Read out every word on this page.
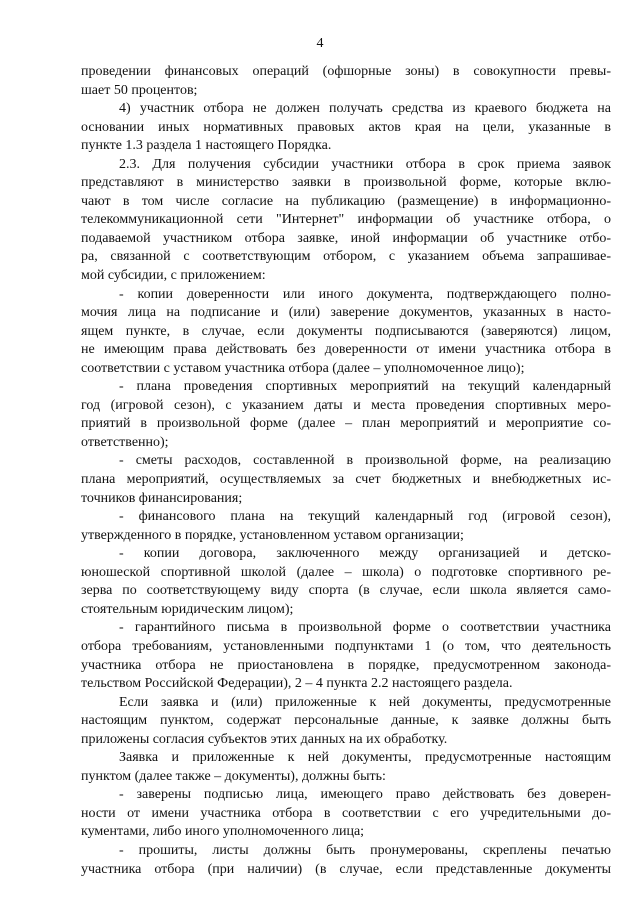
4
проведении финансовых операций (офшорные зоны) в совокупности превы-
шает 50 процентов;
4) участник отбора не должен получать средства из краевого бюджета на
основании иных нормативных правовых актов края на цели, указанные в
пункте 1.3 раздела 1 настоящего Порядка.
2.3. Для получения субсидии участники отбора в срок приема заявок
представляют в министерство заявки в произвольной форме, которые вклю-
чают в том числе согласие на публикацию (размещение) в информационно-
телекоммуникационной сети "Интернет" информации об участнике отбора, о
подаваемой участником отбора заявке, иной информации об участнике отбо-
ра, связанной с соответствующим отбором, с указанием объема запрашивае-
мой субсидии, с приложением:
- копии доверенности или иного документа, подтверждающего полно-
мочия лица на подписание и (или) заверение документов, указанных в насто-
ящем пункте, в случае, если документы подписываются (заверяются) лицом,
не имеющим права действовать без доверенности от имени участника отбора в
соответствии с уставом участника отбора (далее – уполномоченное лицо);
- плана проведения спортивных мероприятий на текущий календарный
год (игровой сезон), с указанием даты и места проведения спортивных меро-
приятий в произвольной форме (далее – план мероприятий и мероприятие со-
ответственно);
- сметы расходов, составленной в произвольной форме, на реализацию
плана мероприятий, осуществляемых за счет бюджетных и внебюджетных ис-
точников финансирования;
- финансового плана на текущий календарный год (игровой сезон),
утвержденного в порядке, установленном уставом организации;
- копии договора, заключенного между организацией и детско-
юношеской спортивной школой (далее – школа) о подготовке спортивного ре-
зерва по соответствующему виду спорта (в случае, если школа является само-
стоятельным юридическим лицом);
- гарантийного письма в произвольной форме о соответствии участника
отбора требованиям, установленными подпунктами 1 (о том, что деятельность
участника отбора не приостановлена в порядке, предусмотренном законода-
тельством Российской Федерации), 2 – 4 пункта 2.2 настоящего раздела.
Если заявка и (или) приложенные к ней документы, предусмотренные
настоящим пунктом, содержат персональные данные, к заявке должны быть
приложены согласия субъектов этих данных на их обработку.
Заявка и приложенные к ней документы, предусмотренные настоящим
пунктом (далее также – документы), должны быть:
- заверены подписью лица, имеющего право действовать без доверен-
ности от имени участника отбора в соответствии с его учредительными до-
кументами, либо иного уполномоченного лица;
- прошиты, листы должны быть пронумерованы, скреплены печатью
участника отбора (при наличии) (в случае, если представленные документы
